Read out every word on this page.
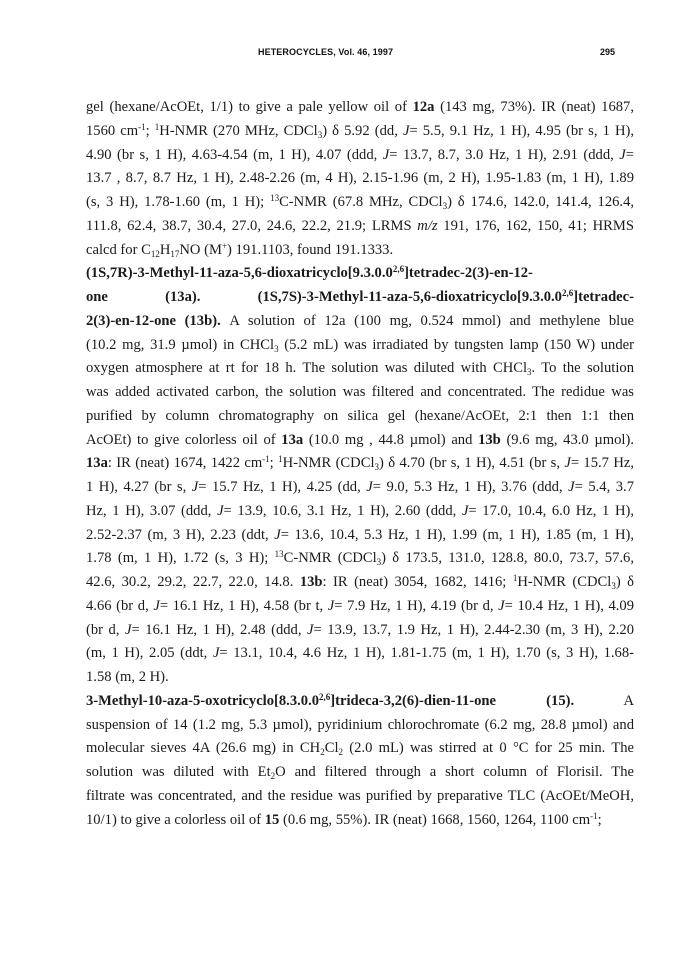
HETEROCYCLES, Vol. 46, 1997	295
gel (hexane/AcOEt, 1/1) to give a pale yellow oil of 12a (143 mg, 73%). IR (neat) 1687,
1560 $cm^{-1}$; $^1$H-NMR (270 MHz, CDCl$_3$) δ 5.92 (dd, J= 5.5, 9.1 Hz, 1 H), 4.95 (br s, 1 H),
4.90 (br s, 1 H), 4.63-4.54 (m, 1 H), 4.07 (ddd, J= 13.7, 8.7, 3.0 Hz, 1 H), 2.91 (ddd, J=
13.7 , 8.7, 8.7 Hz, 1 H), 2.48-2.26 (m, 4 H), 2.15-1.96 (m, 2 H), 1.95-1.83 (m, 1 H), 1.89
(s, 3 H), 1.78-1.60 (m, 1 H); $^{13}$C-NMR (67.8 MHz, CDCl$_3$) δ 174.6, 142.0, 141.4, 126.4,
111.8, 62.4, 38.7, 30.4, 27.0, 24.6, 22.2, 21.9; LRMS m/z 191, 176, 162, 150, 41; HRMS
calcd for $C_{12}H_{17}NO$ (M+) 191.1103, found 191.1333.
(1S,7R)-3-Methyl-11-aza-5,6-dioxatricyclo[9.3.0.0$^{2,6}$]tetradec-2(3)-en-12-
one (13a). (1S,7S)-3-Methyl-11-aza-5,6-dioxatricyclo[9.3.0.0$^{2,6}$]tetradec-
2(3)-en-12-one (13b). A solution of 12a (100 mg, 0.524 mmol) and methylene blue
(10.2 mg, 31.9 µmol) in CHCl$_3$ (5.2 mL) was irradiated by tungsten lamp (150 W) under
oxygen atmosphere at rt for 18 h. The solution was diluted with CHCl$_3$. To the solution
was added activated carbon, the solution was filtered and concentrated. The redidue was
purified by column chromatography on silica gel (hexane/AcOEt, 2:1 then 1:1 then
AcOEt) to give colorless oil of 13a (10.0 mg , 44.8 µmol) and 13b (9.6 mg, 43.0 µmol).
13a: IR (neat) 1674, 1422 $cm^{-1}$; $^1$H-NMR (CDCl$_3$) δ 4.70 (br s, 1 H), 4.51 (br s, J= 15.7 Hz,
1 H), 4.27 (br s, J= 15.7 Hz, 1 H), 4.25 (dd, J= 9.0, 5.3 Hz, 1 H), 3.76 (ddd, J= 5.4, 3.7
Hz, 1 H), 3.07 (ddd, J= 13.9, 10.6, 3.1 Hz, 1 H), 2.60 (ddd, J= 17.0, 10.4, 6.0 Hz, 1 H),
2.52-2.37 (m, 3 H), 2.23 (ddt, J= 13.6, 10.4, 5.3 Hz, 1 H), 1.99 (m, 1 H), 1.85 (m, 1 H),
1.78 (m, 1 H), 1.72 (s, 3 H); $^{13}$C-NMR (CDCl$_3$) δ 173.5, 131.0, 128.8, 80.0, 73.7, 57.6,
42.6, 30.2, 29.2, 22.7, 22.0, 14.8. 13b: IR (neat) 3054, 1682, 1416; $^1$H-NMR (CDCl$_3$) δ
4.66 (br d, J= 16.1 Hz, 1 H), 4.58 (br t, J= 7.9 Hz, 1 H), 4.19 (br d, J= 10.4 Hz, 1 H), 4.09
(br d, J= 16.1 Hz, 1 H), 2.48 (ddd, J= 13.9, 13.7, 1.9 Hz, 1 H), 2.44-2.30 (m, 3 H), 2.20
(m, 1 H), 2.05 (ddt, J= 13.1, 10.4, 4.6 Hz, 1 H), 1.81-1.75 (m, 1 H), 1.70 (s, 3 H), 1.68-
1.58 (m, 2 H).
3-Methyl-10-aza-5-oxotricyclo[8.3.0.0$^{2,6}$]trideca-3,2(6)-dien-11-one (15). A
suspension of 14 (1.2 mg, 5.3 µmol), pyridinium chlorochromate (6.2 mg, 28.8 µmol) and
molecular sieves 4A (26.6 mg) in $CH_2Cl_2$ (2.0 mL) was stirred at 0 °C for 25 min. The
solution was diluted with $Et_2O$ and filtered through a short column of Florisil. The
filtrate was concentrated, and the residue was purified by preparative TLC (AcOEt/MeOH,
10/1) to give a colorless oil of 15 (0.6 mg, 55%). IR (neat) 1668, 1560, 1264, 1100 $cm^{-1}$;
